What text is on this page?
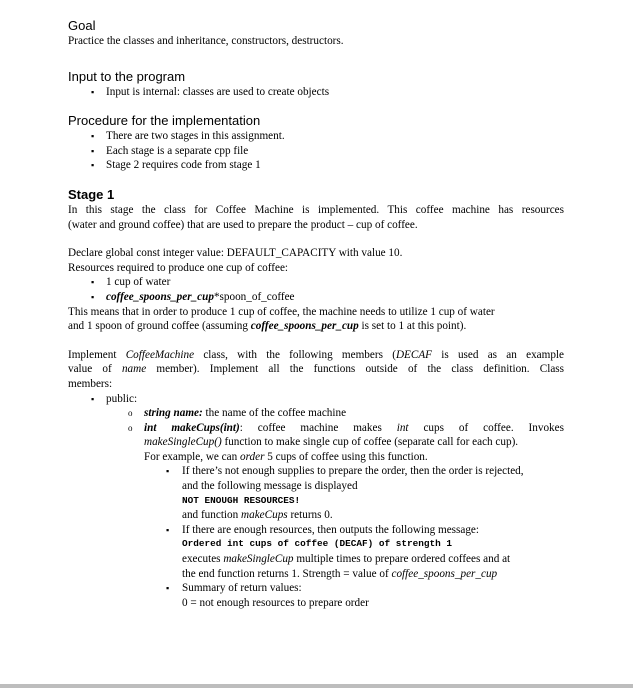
Goal
Practice the classes and inheritance, constructors, destructors.
Input to the program
▪ Input is internal: classes are used to create objects
Procedure for the implementation
▪ There are two stages in this assignment.
▪ Each stage is a separate cpp file
▪ Stage 2 requires code from stage 1
Stage 1
In this stage the class for Coffee Machine is implemented. This coffee machine has resources
(water and ground coffee) that are used to prepare the product – cup of coffee.
Declare global const integer value: DEFAULT_CAPACITY with value 10.
Resources required to produce one cup of coffee:
▪ 1 cup of water
▪ coffee_spoons_per_cup*spoon_of_coffee
This means that in order to produce 1 cup of coffee, the machine needs to utilize 1 cup of water
and 1 spoon of ground coffee (assuming coffee_spoons_per_cup is set to 1 at this point).
Implement CoffeeMachine class, with the following members (DECAF is used as an example
value of name member). Implement all the functions outside of the class definition. Class
members:
▪ public:
o string name: the name of the coffee machine
o int makeCups(int): coffee machine makes int cups of coffee. Invokes
makeSingleCup() function to make single cup of coffee (separate call for each cup).
For example, we can order 5 cups of coffee using this function.
▪ If there’s not enough supplies to prepare the order, then the order is rejected,
and the following message is displayed
NOT ENOUGH RESOURCES!
and function makeCups returns 0.
▪ If there are enough resources, then outputs the following message:
Ordered int cups of coffee (DECAF) of strength 1
executes makeSingleCup multiple times to prepare ordered coffees and at
the end function returns 1. Strength = value of coffee_spoons_per_cup
▪ Summary of return values:
0 = not enough resources to prepare order
